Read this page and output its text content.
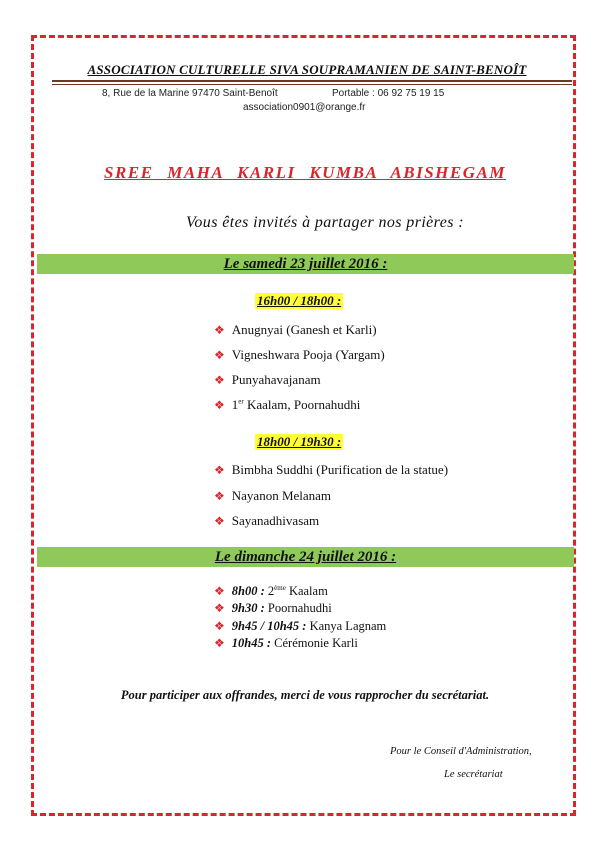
ASSOCIATION CULTURELLE SIVA SOUPRAMANIEN DE SAINT-BENOÎT
8, Rue de la Marine 97470 Saint-Benoît	Portable : 06 92 75 19 15
association0901@orange.fr
SREE MAHA KARLI KUMBA ABISHEGAM
Vous êtes invités à partager nos prières :
Le samedi 23 juillet 2016 :
16h00 / 18h00 :
❖ Anugnyai (Ganesh et Karli)
❖ Vigneshwara Pooja (Yargam)
❖ Punyahavajanam
❖ 1er Kaalam, Poornahudhi
18h00 / 19h30 :
❖ Bimbha Suddhi (Purification de la statue)
❖ Nayanon Melanam
❖ Sayanadhivasam
Le dimanche 24 juillet 2016 :
❖ 8h00 : 2ème Kaalam
❖ 9h30 : Poornahudhi
❖ 9h45 / 10h45 : Kanya Lagnam
❖ 10h45 : Cérémonie Karli
Pour participer aux offrandes, merci de vous rapprocher du secrétariat.
Pour le Conseil d'Administration,
Le secrétariat
